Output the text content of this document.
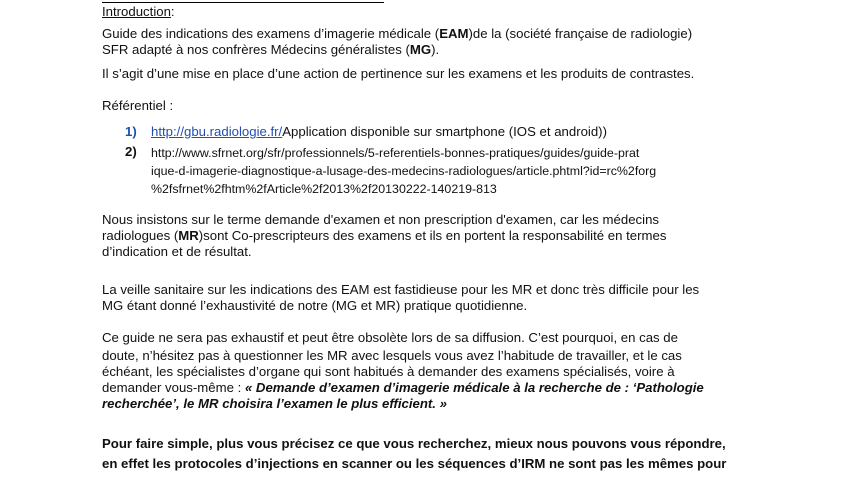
Introduction:
Guide des indications des examens d’imagerie médicale (EAM)de la (société française de radiologie)
SFR adapté à nos confrères Médecins généralistes (MG).
Il s’agit d’une mise en place d’une action de pertinence sur les examens et les produits de contrastes.
Référentiel :
1)	http://gbu.radiologie.fr/Application disponible sur smartphone (IOS et android))
2)	http://www.sfrnet.org/sfr/professionnels/5-referentiels-bonnes-pratiques/guides/guide-prat
ique-d-imagerie-diagnostique-a-lusage-des-medecins-radiologues/article.phtml?id=rc%2forg
%2fsfrnet%2fhtm%2fArticle%2f2013%2f20130222-140219-813
Nous insistons sur le terme demande d'examen et non prescription d'examen, car les médecins
radiologues (MR)sont Co-prescripteurs des examens et ils en portent la responsabilité en termes
d’indication et de résultat.
La veille sanitaire sur les indications des EAM est fastidieuse pour les MR et donc très difficile pour les
MG étant donné l’exhaustivité de notre (MG et MR) pratique quotidienne.
Ce guide ne sera pas exhaustif et peut être obsolète lors de sa diffusion. C’est pourquoi, en cas de
doute, n’hésitez pas à questionner les MR avec lesquels vous avez l’habitude de travailler, et le cas
échéant, les spécialistes d’organe qui sont habitués à demander des examens spécialisés, voire à
demander vous-même : « Demande d’examen d’imagerie médicale à la recherche de : ‘Pathologie
recherchée’, le MR choisira l’examen le plus efficient. »
Pour faire simple, plus vous précisez ce que vous recherchez, mieux nous pouvons vous répondre,
en effet les protocoles d’injections en scanner ou les séquences d’IRM ne sont pas les mêmes pour
